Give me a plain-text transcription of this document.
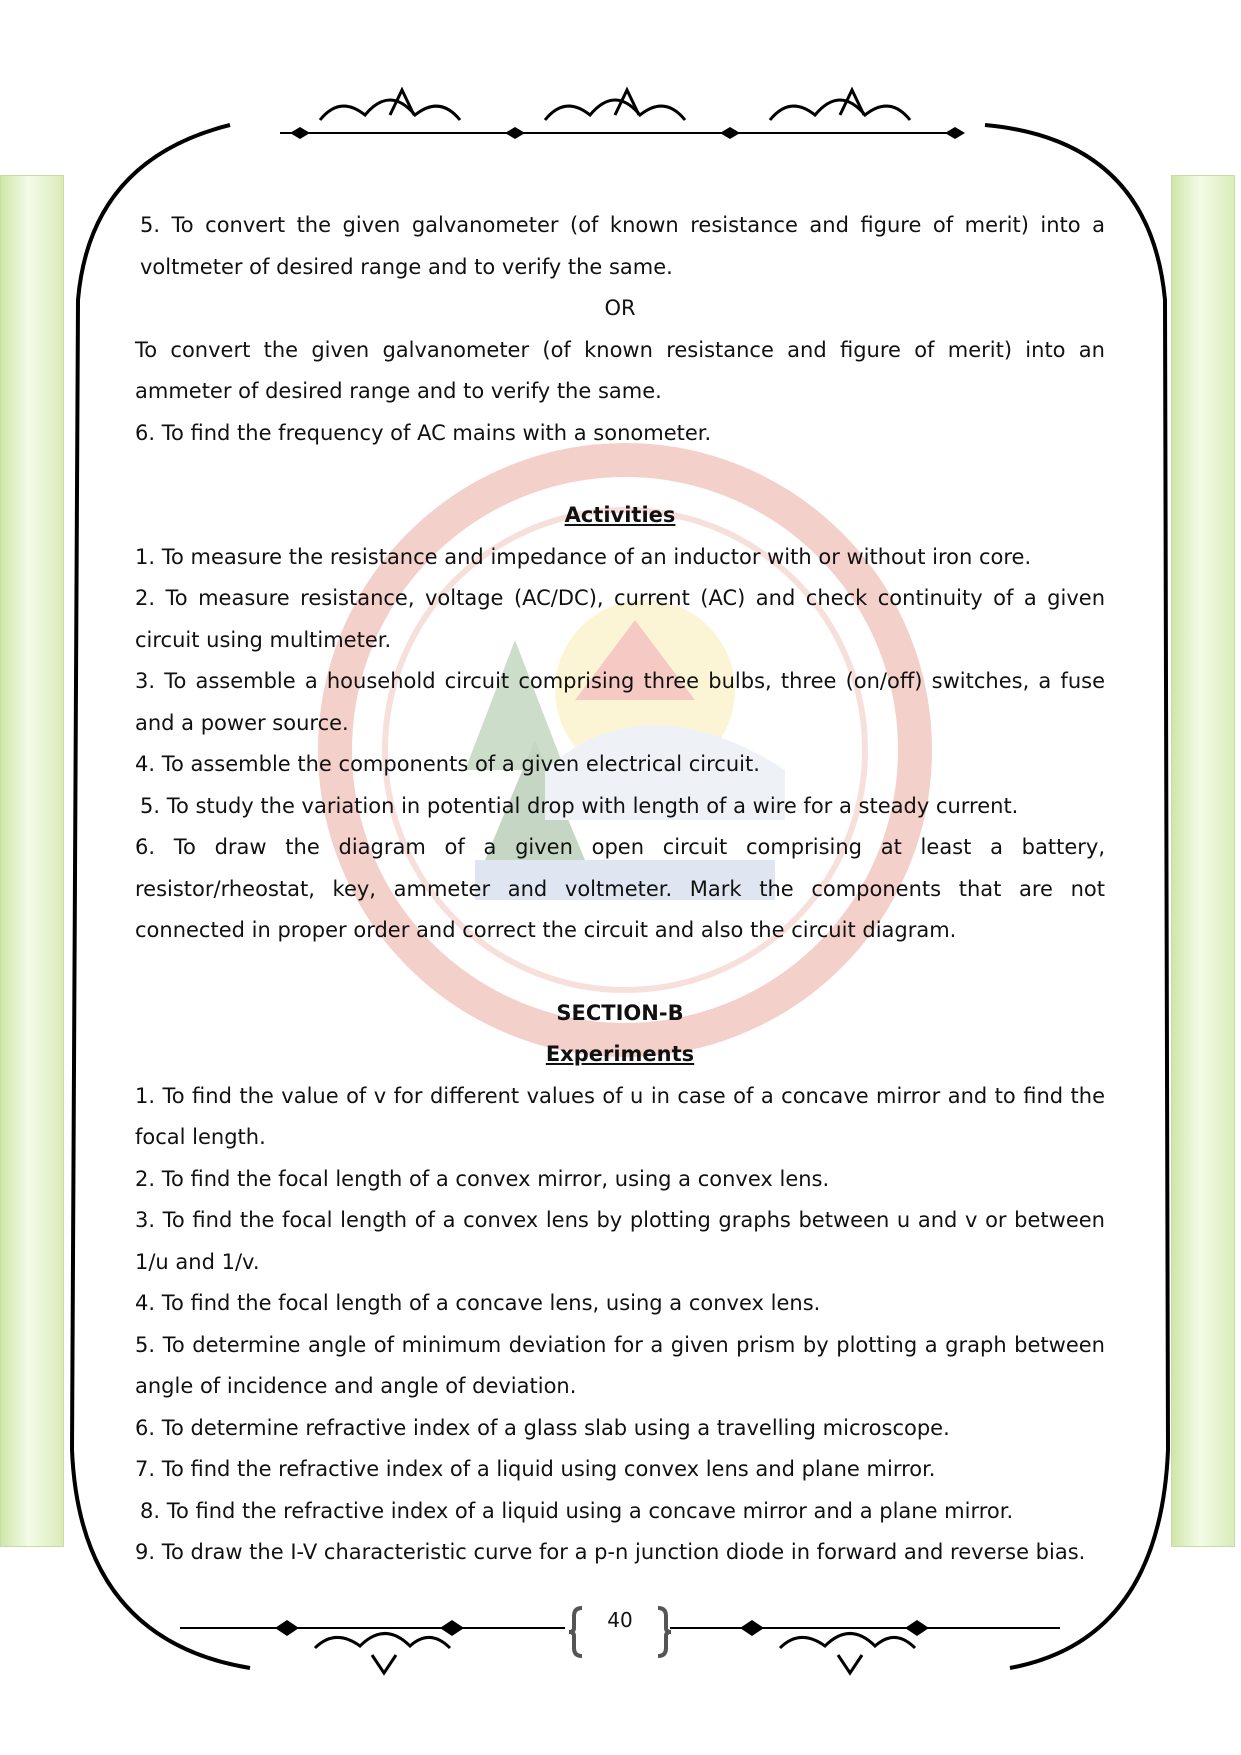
5. To convert the given galvanometer (of known resistance and figure of merit) into a voltmeter of desired range and to verify the same.

OR

To convert the given galvanometer (of known resistance and figure of merit) into an ammeter of desired range and to verify the same.

6. To find the frequency of AC mains with a sonometer.

Activities

1. To measure the resistance and impedance of an inductor with or without iron core.

2. To measure resistance, voltage (AC/DC), current (AC) and check continuity of a given circuit using multimeter.

3. To assemble a household circuit comprising three bulbs, three (on/off) switches, a fuse and a power source.

4. To assemble the components of a given electrical circuit.

5. To study the variation in potential drop with length of a wire for a steady current.

6. To draw the diagram of a given open circuit comprising at least a battery, resistor/rheostat, key, ammeter and voltmeter. Mark the components that are not connected in proper order and correct the circuit and also the circuit diagram.

SECTION-B

Experiments

1. To find the value of v for different values of u in case of a concave mirror and to find the focal length.

2. To find the focal length of a convex mirror, using a convex lens.

3. To find the focal length of a convex lens by plotting graphs between u and v or between 1/u and 1/v.

4. To find the focal length of a concave lens, using a convex lens.

5. To determine angle of minimum deviation for a given prism by plotting a graph between angle of incidence and angle of deviation.

6. To determine refractive index of a glass slab using a travelling microscope.

7. To find the refractive index of a liquid using convex lens and plane mirror.

8. To find the refractive index of a liquid using a concave mirror and a plane mirror.

9. To draw the I-V characteristic curve for a p-n junction diode in forward and reverse bias.

40
